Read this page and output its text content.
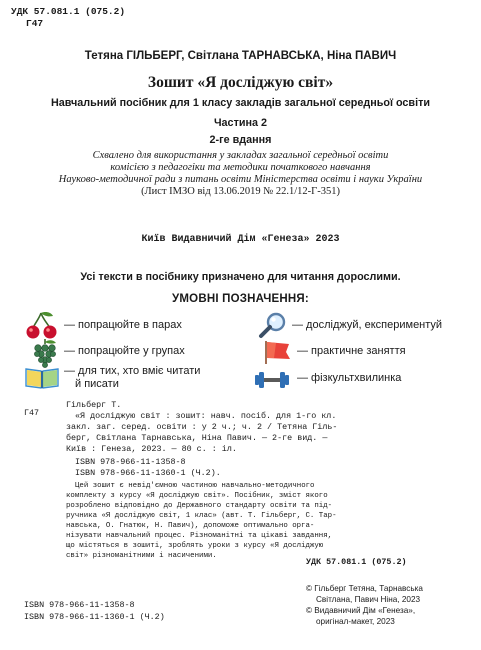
УДК 57.081.1 (075.2)
Г47
Тетяна ГІЛЬБЕРГ, Світлана ТАРНАВСЬКА, Ніна ПАВИЧ
Зошит «Я досліджую світ»
Навчальний посібник для 1 класу закладів загальної середньої освіти
Частина 2
2-ге вдання
Схвалено для використання у закладах загальної середньої освіти
комісією з педагогіки та методики початкового навчання
Науково-методичної ради з питань освіти Міністерства освіти і науки України
(Лист ІМЗО від 13.06.2019 № 22.1/12-Г-351)
Київ Видавничий Дім «Генеза» 2023
Усі тексти в посібнику призначено для читання дорослими.
УМОВНІ ПОЗНАЧЕННЯ:
— попрацюйте в парах
— попрацюйте у групах
— для тих, хто вміє читати
й писати
— досліджуй, експериментуй
— практичне заняття
— фізкультхвилинка
Г47
Гільберг Т.
«Я досліджую світ : зошит: навч. посіб. для 1-го кл.
закл. заг. серед. освіти : у 2 ч.; ч. 2 / Тетяна Гіль-
берг, Світлана Тарнавська, Ніна Павич. — 2-ге вид. —
Київ : Генеза, 2023. — 80 с. : іл.
ISBN 978-966-11-1358-8
ISBN 978-966-11-1360-1 (Ч.2).
Цей зошит є невід'ємною частиною навчально-методичного
комплекту з курсу «Я досліджую світ». Посібник, зміст якого
розроблено відповідно до Державного стандарту освіти та під-
ручника «Я досліджую світ, 1 клас» (авт. Т. Гільберг, С. Тар-
навська, О. Гнатюк, Н. Павич), допоможе оптимально орга-
нізувати навчальний процес. Різноманітні та цікаві завдання,
що містяться в зошиті, зроблять уроки з курсу «Я досліджую
світ» різноманітними і насиченими.
УДК 57.081.1 (075.2)
ISBN 978-966-11-1358-8
ISBN 978-966-11-1360-1 (Ч.2)
© Гільберг Тетяна, Тарнавська
Світлана, Павич Ніна, 2023
© Видавничий Дім «Генеза»,
оригінал-макет, 2023
